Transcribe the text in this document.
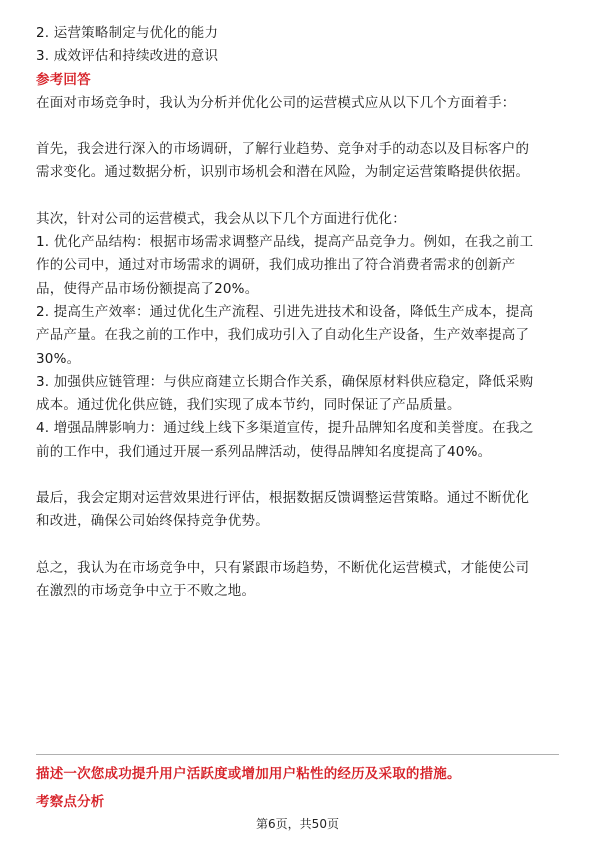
2. 运营策略制定与优化的能力
3. 成效评估和持续改进的意识
参考回答
在面对市场竞争时，我认为分析并优化公司的运营模式应从以下几个方面着手：
首先，我会进行深入的市场调研，了解行业趋势、竞争对手的动态以及目标客户的
需求变化。通过数据分析，识别市场机会和潜在风险，为制定运营策略提供依据。
其次，针对公司的运营模式，我会从以下几个方面进行优化：
1. 优化产品结构：根据市场需求调整产品线，提高产品竞争力。例如，在我之前工
作的公司中，通过对市场需求的调研，我们成功推出了符合消费者需求的创新产
品，使得产品市场份额提高了20%。
2. 提高生产效率：通过优化生产流程、引进先进技术和设备，降低生产成本，提高
产品产量。在我之前的工作中，我们成功引入了自动化生产设备，生产效率提高了
30%。
3. 加强供应链管理：与供应商建立长期合作关系，确保原材料供应稳定，降低采购
成本。通过优化供应链，我们实现了成本节约，同时保证了产品质量。
4. 增强品牌影响力：通过线上线下多渠道宣传，提升品牌知名度和美誉度。在我之
前的工作中，我们通过开展一系列品牌活动，使得品牌知名度提高了40%。
最后，我会定期对运营效果进行评估，根据数据反馈调整运营策略。通过不断优化
和改进，确保公司始终保持竞争优势。
总之，我认为在市场竞争中，只有紧跟市场趋势，不断优化运营模式，才能使公司
在激烈的市场竞争中立于不败之地。
描述一次您成功提升用户活跃度或增加用户粘性的经历及采取的措施。
考察点分析
第6页，共50页
